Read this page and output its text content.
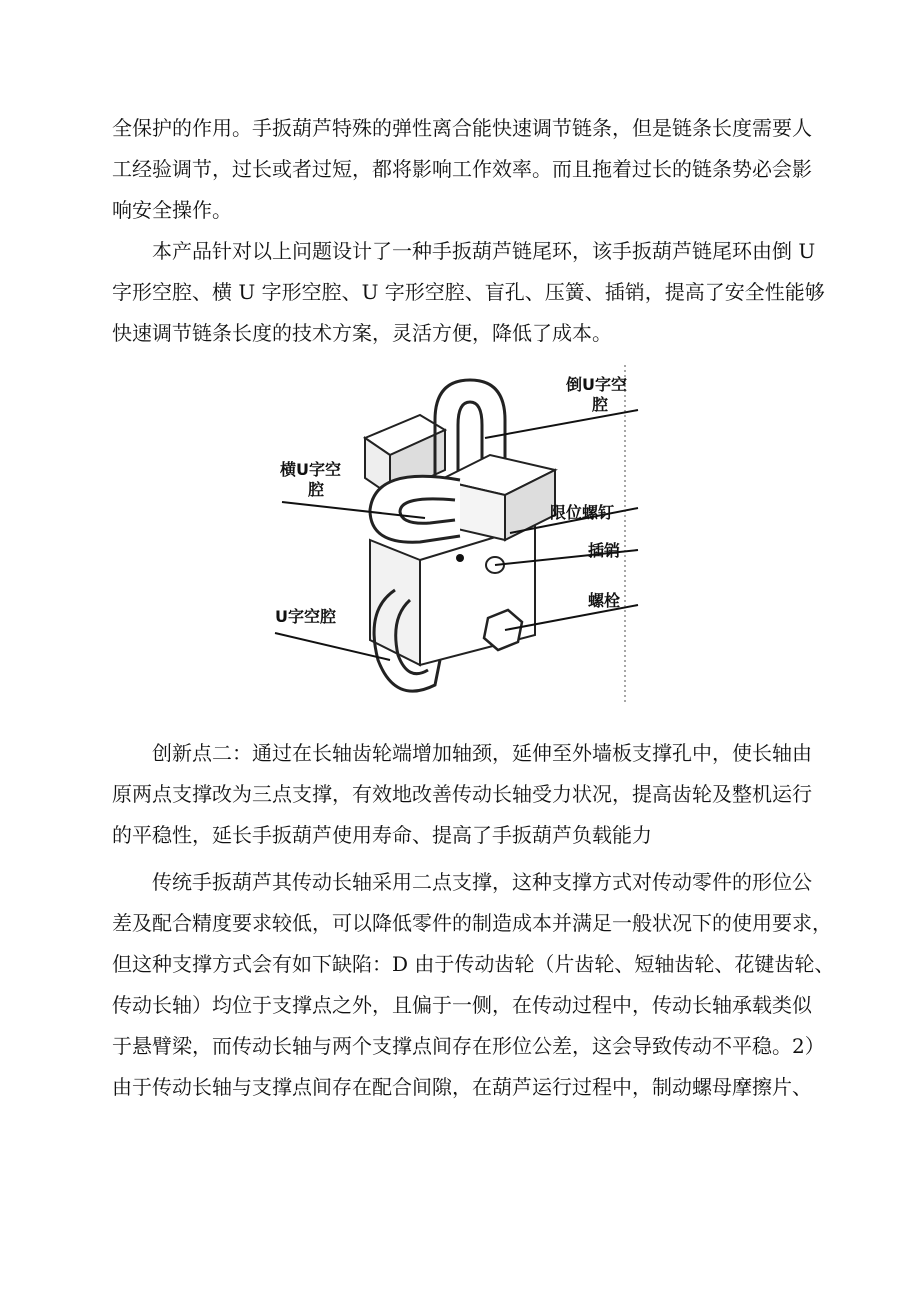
全保护的作用。手扳葫芦特殊的弹性离合能快速调节链条，但是链条长度需要人
工经验调节，过长或者过短，都将影响工作效率。而且拖着过长的链条势必会影
响安全操作。
本产品针对以上问题设计了一种手扳葫芦链尾环，该手扳葫芦链尾环由倒 U
字形空腔、横 U 字形空腔、U 字形空腔、盲孔、压簧、插销，提高了安全性能够
快速调节链条长度的技术方案，灵活方便，降低了成本。
倒U字空
腔
横U字空
腔
限位螺钉
插销
螺栓
U字空腔
创新点二：通过在长轴齿轮端增加轴颈，延伸至外墙板支撑孔中，使长轴由
原两点支撑改为三点支撑，有效地改善传动长轴受力状况，提高齿轮及整机运行
的平稳性，延长手扳葫芦使用寿命、提高了手扳葫芦负载能力
传统手扳葫芦其传动长轴采用二点支撑，这种支撑方式对传动零件的形位公
差及配合精度要求较低，可以降低零件的制造成本并满足一般状况下的使用要求，
但这种支撑方式会有如下缺陷：D 由于传动齿轮（片齿轮、短轴齿轮、花键齿轮、
传动长轴）均位于支撑点之外，且偏于一侧，在传动过程中，传动长轴承载类似
于悬臂梁，而传动长轴与两个支撑点间存在形位公差，这会导致传动不平稳。2）
由于传动长轴与支撑点间存在配合间隙，在葫芦运行过程中，制动螺母摩擦片、
